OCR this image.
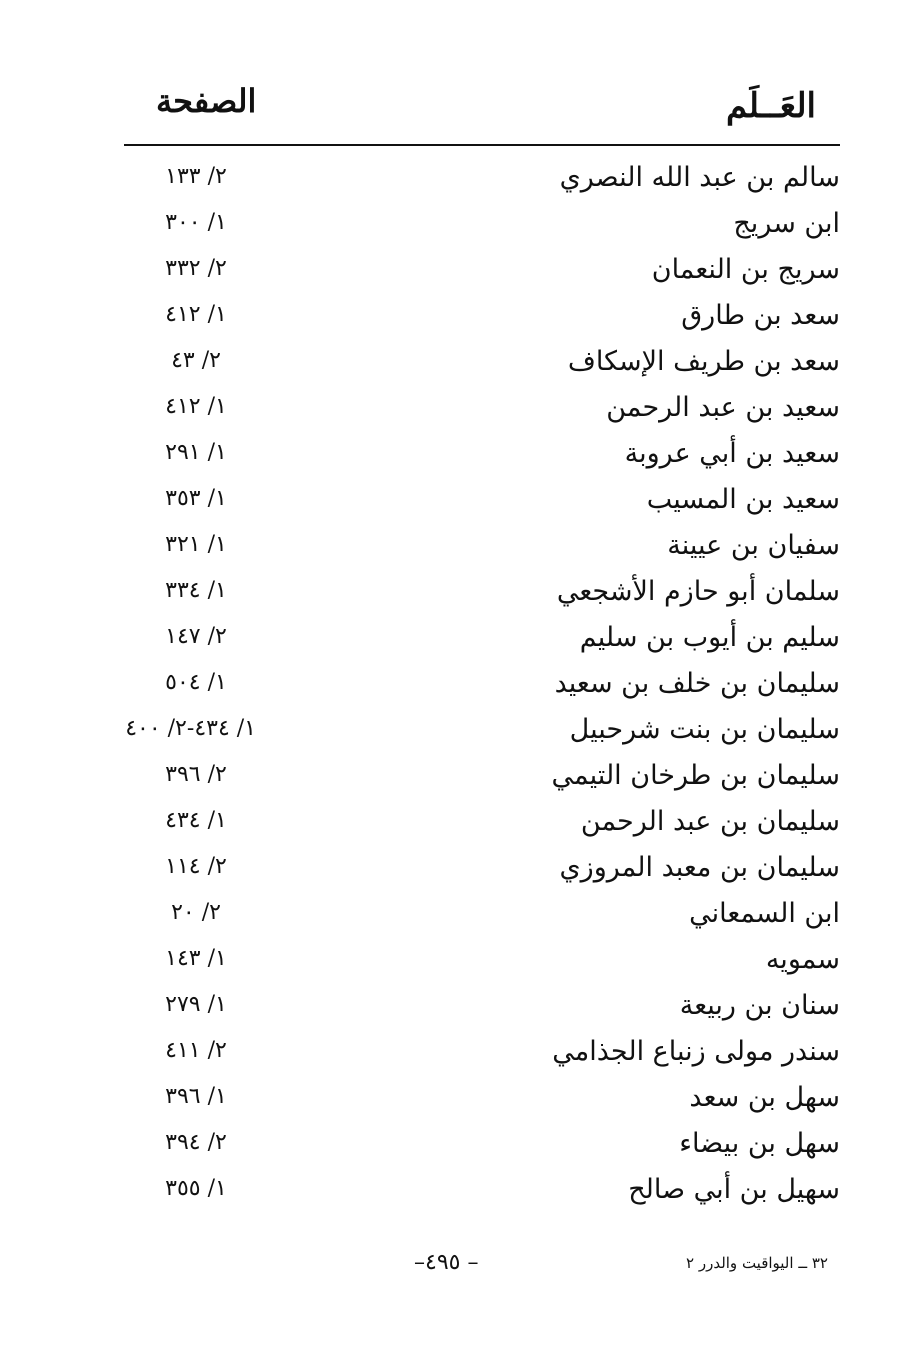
العَــلَم
الصفحة
سالم بن عبد الله النصري
٢/ ١٣٣
ابن سريج
١/ ٣٠٠
سريج بن النعمان
٢/ ٣٣٢
سعد بن طارق
١/ ٤١٢
سعد بن طريف الإسكاف
٢/ ٤٣
سعيد بن عبد الرحمن
١/ ٤١٢
سعيد بن أبي عروبة
١/ ٢٩١
سعيد بن المسيب
١/ ٣٥٣
سفيان بن عيينة
١/ ٣٢١
سلمان أبو حازم الأشجعي
١/ ٣٣٤
سليم بن أيوب بن سليم
٢/ ١٤٧
سليمان بن خلف بن سعيد
١/ ٥٠٤
سليمان بن بنت شرحبيل
١/ ٤٣٤-٢/ ٤٠٠
سليمان بن طرخان التيمي
٢/ ٣٩٦
سليمان بن عبد الرحمن
١/ ٤٣٤
سليمان بن معبد المروزي
٢/ ١١٤
ابن السمعاني
٢/ ٢٠
سمويه
١/ ١٤٣
سنان بن ربيعة
١/ ٢٧٩
سندر مولى زنباع الجذامي
٢/ ٤١١
سهل بن سعد
١/ ٣٩٦
سهل بن بيضاء
٢/ ٣٩٤
سهيل بن أبي صالح
١/ ٣٥٥
٣٢ ــ اليواقيت والدرر ٢
– ٤٩٥–
